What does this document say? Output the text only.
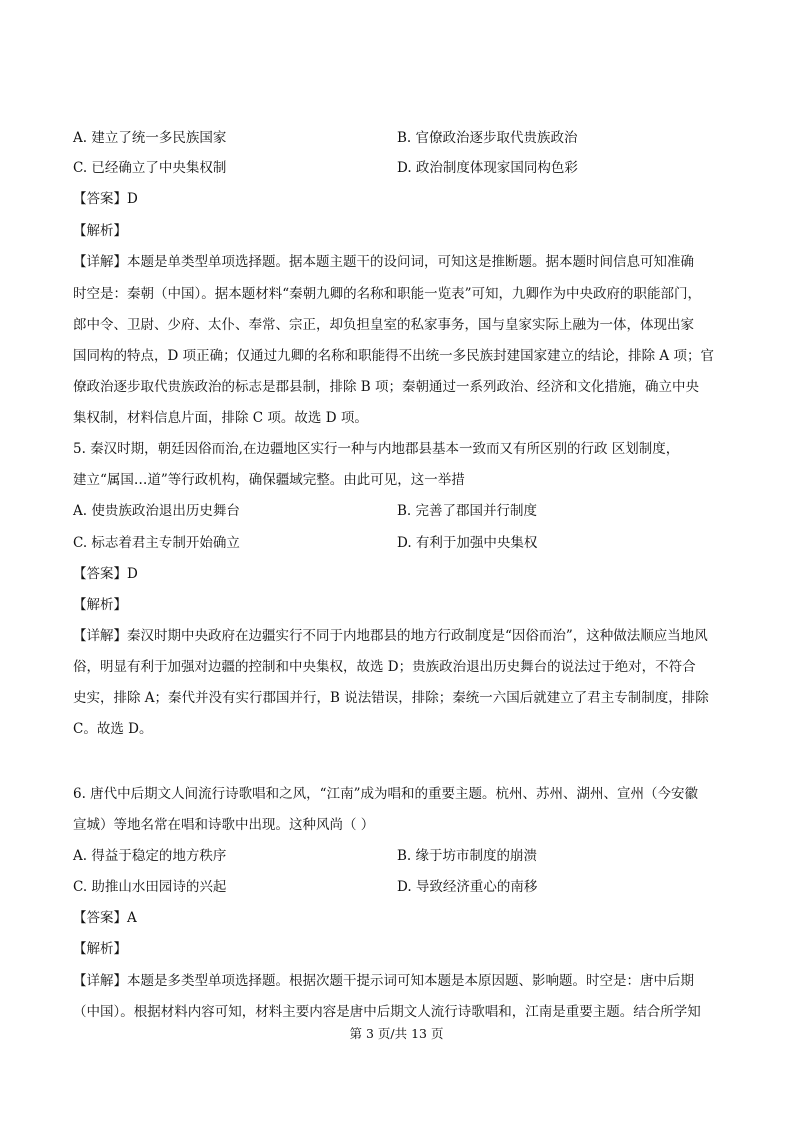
A. 建立了统一多民族国家	B. 官僚政治逐步取代贵族政治
C. 已经确立了中央集权制	D. 政治制度体现家国同构色彩
【答案】D
【解析】
【详解】本题是单类型单项选择题。据本题主题干的设问词，可知这是推断题。据本题时间信息可知准确
时空是：秦朝（中国）。据本题材料“秦朝九卿的名称和职能一览表”可知，九卿作为中央政府的职能部门，
郎中令、卫尉、少府、太仆、奉常、宗正，却负担皇室的私家事务，国与皇家实际上融为一体，体现出家
国同构的特点，D 项正确；仅通过九卿的名称和职能得不出统一多民族封建国家建立的结论，排除 A 项；官
僚政治逐步取代贵族政治的标志是郡县制，排除 B 项；秦朝通过一系列政治、经济和文化措施，确立中央
集权制，材料信息片面，排除 C 项。故选 D 项。
5. 秦汉时期，朝廷因俗而治,在边疆地区实行一种与内地郡县基本一致而又有所区别的行政 区划制度，
建立“属国…道”等行政机构，确保疆域完整。由此可见，这一举措
A. 使贵族政治退出历史舞台	B. 完善了郡国并行制度
C. 标志着君主专制开始确立	D. 有利于加强中央集权
【答案】D
【解析】
【详解】秦汉时期中央政府在边疆实行不同于内地郡县的地方行政制度是“因俗而治”，这种做法顺应当地风
俗，明显有利于加强对边疆的控制和中央集权，故选 D；贵族政治退出历史舞台的说法过于绝对，不符合
史实，排除 A；秦代并没有实行郡国并行，B 说法错误，排除；秦统一六国后就建立了君主专制制度，排除
C。故选 D。
6. 唐代中后期文人间流行诗歌唱和之风，“江南”成为唱和的重要主题。杭州、苏州、湖州、宣州（今安徽
宣城）等地名常在唱和诗歌中出现。这种风尚（ ）
A. 得益于稳定的地方秩序	B. 缘于坊市制度的崩溃
C. 助推山水田园诗的兴起	D. 导致经济重心的南移
【答案】A
【解析】
【详解】本题是多类型单项选择题。根据次题干提示词可知本题是本原因题、影响题。时空是：唐中后期
（中国）。根据材料内容可知，材料主要内容是唐中后期文人流行诗歌唱和，江南是重要主题。结合所学知
第 3 页/共 13 页
